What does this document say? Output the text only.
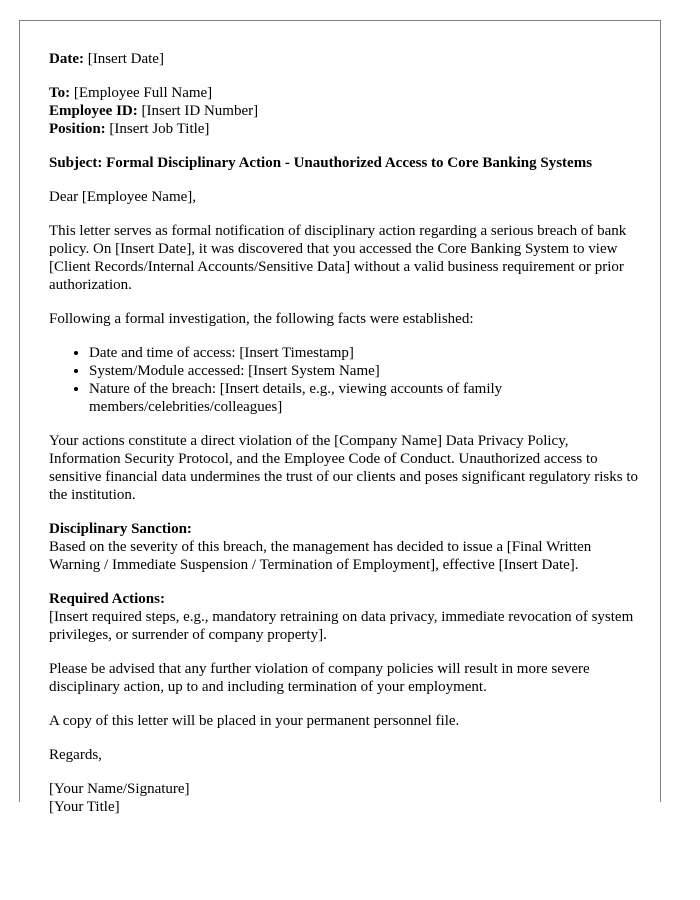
Date: [Insert Date]
To: [Employee Full Name]
Employee ID: [Insert ID Number]
Position: [Insert Job Title]

Subject: Formal Disciplinary Action - Unauthorized Access to Core Banking Systems

Dear [Employee Name],

This letter serves as formal notification of disciplinary action regarding a serious breach of bank policy. On [Insert Date], it was discovered that you accessed the Core Banking System to view [Client Records/Internal Accounts/Sensitive Data] without a valid business requirement or prior authorization.

Following a formal investigation, the following facts were established:

• Date and time of access: [Insert Timestamp]
• System/Module accessed: [Insert System Name]
• Nature of the breach: [Insert details, e.g., viewing accounts of family members/celebrities/colleagues]

Your actions constitute a direct violation of the [Company Name] Data Privacy Policy, Information Security Protocol, and the Employee Code of Conduct. Unauthorized access to sensitive financial data undermines the trust of our clients and poses significant regulatory risks to the institution.

Disciplinary Sanction:
Based on the severity of this breach, the management has decided to issue a [Final Written Warning / Immediate Suspension / Termination of Employment], effective [Insert Date].
Required Actions:
[Insert required steps, e.g., mandatory retraining on data privacy, immediate revocation of system privileges, or surrender of company property].

Please be advised that any further violation of company policies will result in more severe disciplinary action, up to and including termination of your employment.

A copy of this letter will be placed in your permanent personnel file.

Regards,

[Your Name/Signature]
[Your Title]
